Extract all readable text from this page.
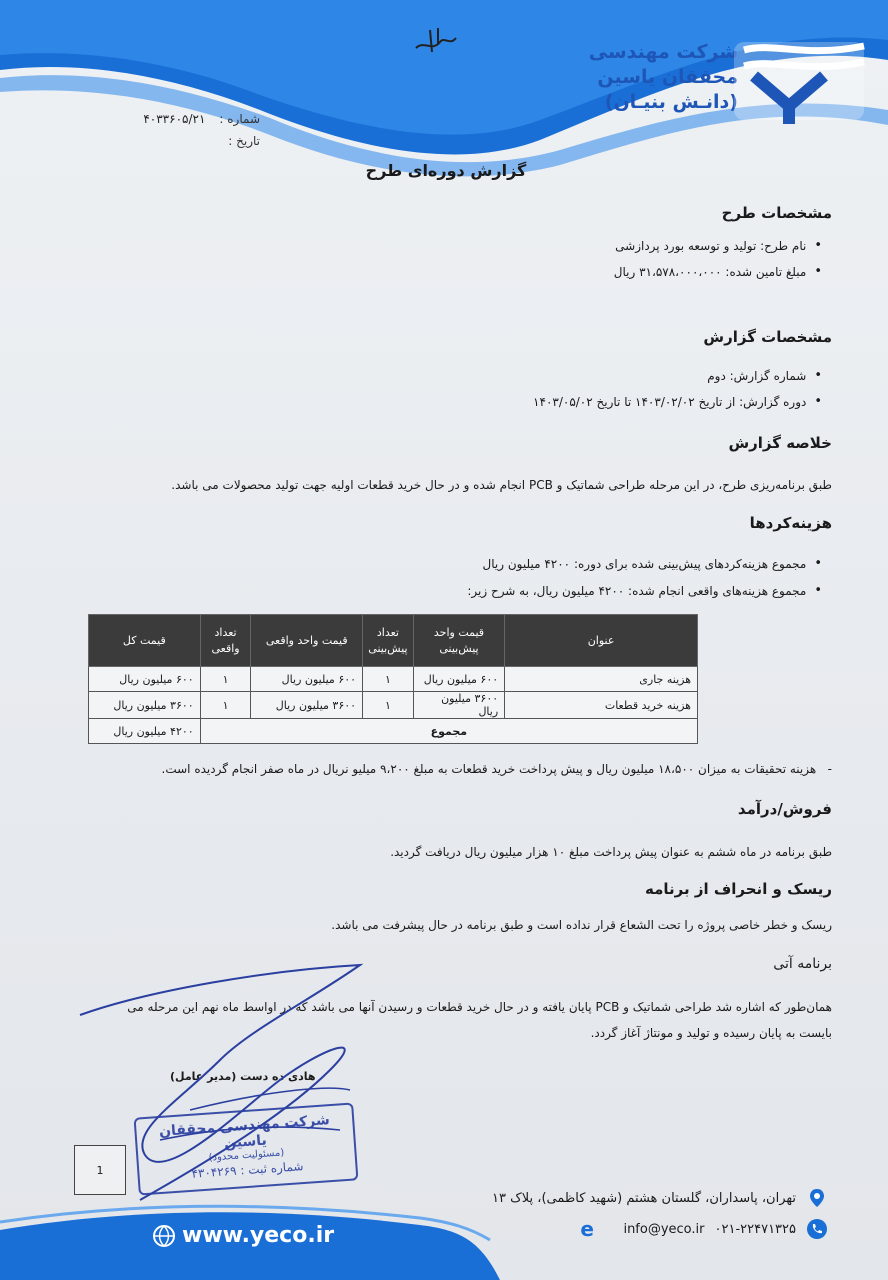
شرکت مهندسی
محققان یاسین
(دانـش بنیـان)
شماره :
۴۰۳۳۶۰۵/۲۱
تاریخ :
گزارش دوره‌ای طرح
مشخصات طرح
•
نام طرح: تولید و توسعه بورد پردازشی
•
مبلغ تامین شده: ۳۱،۵۷۸،۰۰۰،۰۰۰ ریال
مشخصات گزارش
•
شماره گزارش: دوم
•
دوره گزارش: از تاریخ ۱۴۰۳/۰۲/۰۲ تا تاریخ ۱۴۰۳/۰۵/۰۲
خلاصه گزارش
طبق برنامه‌ریزی طرح، در این مرحله طراحی شماتیک و PCB انجام شده و در حال خرید قطعات اولیه جهت تولید محصولات می باشد.
هزینه‌کردها
•
مجموع هزینه‌کردهای پیش‌بینی شده برای دوره: ۴۲۰۰ میلیون ریال
•
مجموع هزینه‌های واقعی انجام شده: ۴۲۰۰ میلیون ریال، به شرح زیر:
-   هزینه تحقیقات به میزان ۱۸،۵۰۰ میلیون ریال و پیش پرداخت خرید قطعات به مبلغ ۹،۲۰۰ میلیو نریال در ماه صفر انجام گردیده است.
فروش/درآمد
طبق برنامه در ماه ششم به عنوان پیش پرداخت مبلغ ۱۰ هزار میلیون ریال دریافت گردید.
ریسک و انحراف از برنامه
ریسک و خطر خاصی پروژه را تحت الشعاع قرار نداده است و طبق برنامه در حال پیشرفت می باشد.
برنامه آتی
همان‌طور که اشاره شد طراحی شماتیک و PCB پایان یافته و در حال خرید قطعات و رسیدن آنها می باشد که در اواسط ماه نهم این مرحله می
بایست به پایان رسیده و تولید و مونتاژ آغاز گردد.
عنوان	قیمت واحد پیش‌بینی	تعداد پیش‌بینی	قیمت واحد واقعی	تعداد واقعی	قیمت کل
هزینه جاری	۶۰۰ میلیون ریال	۱	۶۰۰ میلیون ریال	۱	۶۰۰ میلیون ریال
هزینه خرید قطعات	۳۶۰۰ میلیون ریال	۱	۳۶۰۰ میلیون ریال	۱	۳۶۰۰ میلیون ریال
مجموع					۴۲۰۰ میلیون ریال
هادی ده دست (مدیر عامل)
شرکت مهندسی محققان یاسین
(مسئولیت محدود)
شماره ثبت : ۴۳۰۴۲۶۹
1
تهران، پاسداران، گلستان هشتم (شهید کاظمی)، پلاک ۱۳
۰۲۱-۲۲۴۷۱۳۲۵
info@yeco.ir
e
www.yeco.ir
